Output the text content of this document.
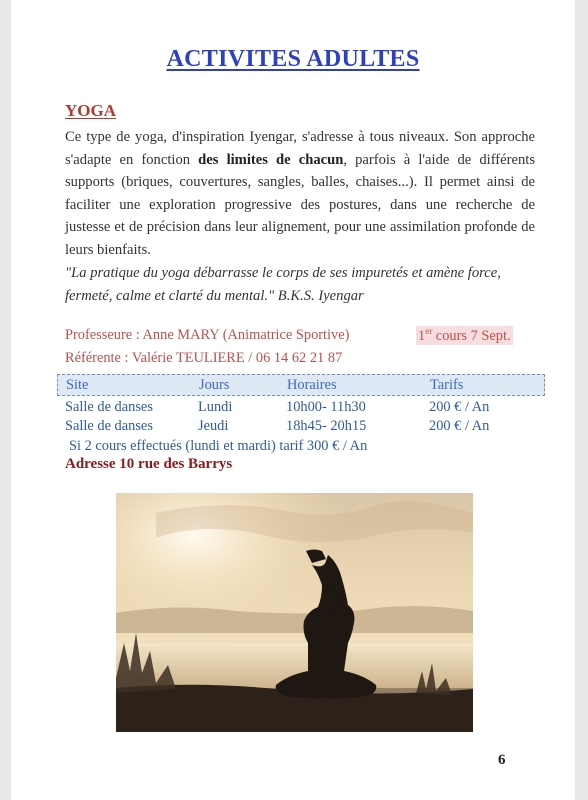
ACTIVITES ADULTES
YOGA
Ce type de yoga, d'inspiration Iyengar, s'adresse à tous niveaux. Son approche s'adapte en fonction des limites de chacun, parfois à l'aide de différents supports (briques, couvertures, sangles, balles, chaises...). Il permet ainsi de faciliter une exploration progressive des postures, dans une recherche de justesse et de précision dans leur alignement, pour une assimilation profonde de leurs bienfaits.
"La pratique du yoga débarrasse le corps de ses impuretés et amène force, fermeté, calme et clarté du mental." B.K.S. Iyengar
Professeure : Anne MARY (Animatrice Sportive)	1er cours 7 Sept.
Référente : Valérie TEULIERE / 06 14 62 21 87
Site	Jours	Horaires	Tarifs
Salle de danses	Lundi	10h00- 11h30	200 € / An
Salle de danses	Jeudi	18h45- 20h15	200 € / An
Si 2 cours effectués (lundi et mardi) tarif 300 € / An
Adresse 10 rue des Barrys
6
